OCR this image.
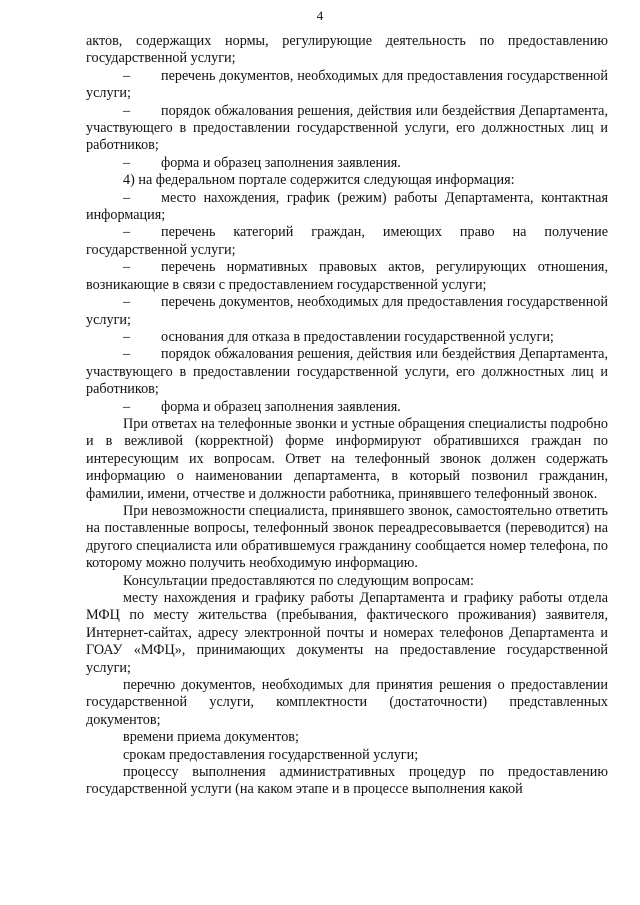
4

актов, содержащих нормы, регулирующие деятельность по предоставлению государственной услуги;

– перечень документов, необходимых для предоставления государственной услуги;

– порядок обжалования решения, действия или бездействия Департамента, участвующего в предоставлении государственной услуги, его должностных лиц и работников;

– форма и образец заполнения заявления.

4) на федеральном портале содержится следующая информация:

– место нахождения, график (режим) работы Департамента, контактная информация;

– перечень категорий граждан, имеющих право на получение государственной услуги;

– перечень нормативных правовых актов, регулирующих отношения, возникающие в связи с предоставлением государственной услуги;

– перечень документов, необходимых для предоставления государственной услуги;

– основания для отказа в предоставлении государственной услуги;

– порядок обжалования решения, действия или бездействия Департамента, участвующего в предоставлении государственной услуги, его должностных лиц и работников;

– форма и образец заполнения заявления.

При ответах на телефонные звонки и устные обращения специалисты подробно и в вежливой (корректной) форме информируют обратившихся граждан по интересующим их вопросам. Ответ на телефонный звонок должен содержать информацию о наименовании департамента, в который позвонил гражданин, фамилии, имени, отчестве и должности работника, принявшего телефонный звонок.

При невозможности специалиста, принявшего звонок, самостоятельно ответить на поставленные вопросы, телефонный звонок переадресовывается (переводится) на другого специалиста или обратившемуся гражданину сообщается номер телефона, по которому можно получить необходимую информацию.

Консультации предоставляются по следующим вопросам:

месту нахождения и графику работы Департамента и графику работы отдела МФЦ по месту жительства (пребывания, фактического проживания) заявителя, Интернет-сайтах, адресу электронной почты и номерах телефонов Департамента и ГОАУ «МФЦ», принимающих документы на предоставление государственной услуги;

перечню документов, необходимых для принятия решения о предоставлении государственной услуги, комплектности (достаточности) представленных документов;

времени приема документов;

срокам предоставления государственной услуги;

процессу выполнения административных процедур по предоставлению государственной услуги (на каком этапе и в процессе выполнения какой
